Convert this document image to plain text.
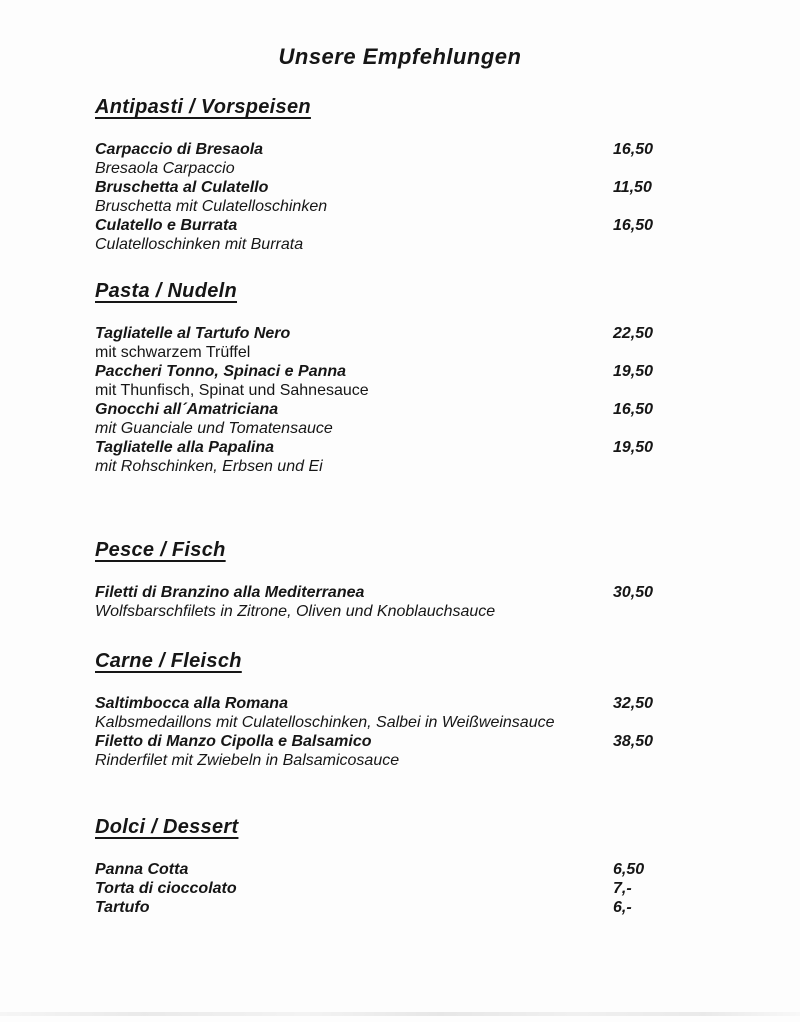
Unsere Empfehlungen
Antipasti / Vorspeisen
Carpaccio di Bresaola	16,50
Bresaola Carpaccio
Bruschetta al Culatello	11,50
Bruschetta mit Culatelloschinken
Culatello e Burrata	16,50
Culatelloschinken mit Burrata
Pasta / Nudeln
Tagliatelle al Tartufo Nero	22,50
mit schwarzem Trüffel
Paccheri Tonno, Spinaci e Panna	19,50
mit Thunfisch, Spinat und Sahnesauce
Gnocchi all´Amatriciana	16,50
mit Guanciale und Tomatensauce
Tagliatelle alla Papalina	19,50
mit Rohschinken, Erbsen und Ei
Pesce / Fisch
Filetti di Branzino alla Mediterranea	30,50
Wolfsbarschfilets in Zitrone, Oliven und Knoblauchsauce
Carne / Fleisch
Saltimbocca alla Romana	32,50
Kalbsmedaillons mit Culatelloschinken, Salbei in Weißweinsauce
Filetto di Manzo Cipolla e Balsamico	38,50
Rinderfilet mit Zwiebeln in Balsamicosauce
Dolci / Dessert
Panna Cotta	6,50
Torta di cioccolato	7,-
Tartufo	6,-
